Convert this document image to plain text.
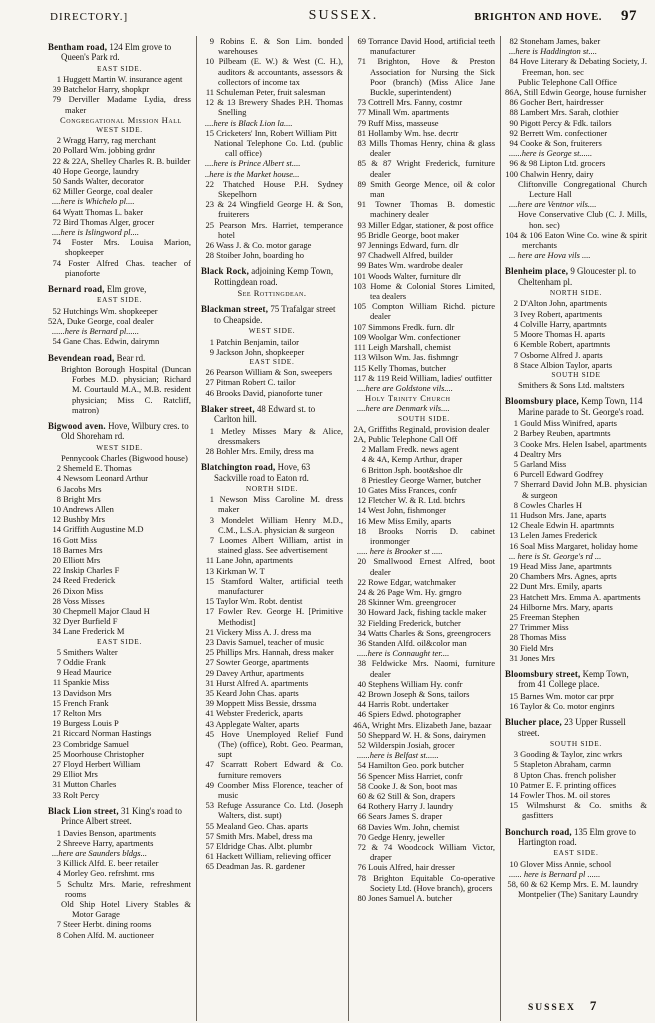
SUSSEX.
DIRECTORY.]	BRIGHTON AND HOVE. 97
Bentham road, 124 Elm grove to Queen's Park rd.
EAST SIDE.
1 Huggett Martin W. insurance agent
39 Batchelor Harry, shopkpr
79 Derviller Madame Lydia, dress maker
Congregational Mission Hall
WEST SIDE.
2 Wragg Harry, rag merchant
20 Pollard Wm. jobbing grdnr
22 & 22A, Shelley Charles R. B. builder
40 Hope George, laundry
50 Sands Walter, decorator
62 Miller George, coal dealer
....here is Whichelo pl....
64 Wyatt Thomas L. baker
72 Bird Thomas Alger, grocer
....here is Islingword pl....
74 Foster Mrs. Louisa Marion, shopkeeper
74 Foster Alfred Chas. teacher of pianoforte
Bernard road, Elm grove,
EAST SIDE.
52 Hutchings Wm. shopkeeper
52A, Duke George, coal dealer
......here is Bernard pl......
54 Gane Chas. Edwin, dairymn
Bevendean road, Bear rd.
Brighton Borough Hospital (Duncan Forbes M.D. physician; Richard M. Courtauld M.A., M.B. resident physician; Miss C. Ratcliff, matron)
Bigwood aven. Hove, Wilbury cres. to Old Shoreham rd.
WEST SIDE.
Pennycook Charles (Bigwood house)
2 Shemeld E. Thomas
4 Newsom Leonard Arthur
6 Jacobs Mrs
8 Bright Mrs
10 Andrews Allen
12 Bushby Mrs
14 Griffith Augustine M.D
16 Gott Miss
18 Barnes Mrs
20 Elliott Mrs
22 Inskip Charles F
24 Reed Frederick
26 Dixon Miss
28 Voss Misses
30 Chepmell Major Claud H
32 Dyer Burfield F
34 Lane Frederick M
EAST SIDE.
5 Smithers Walter
7 Oddie Frank
9 Head Maurice
11 Spankie Miss
13 Davidson Mrs
15 French Frank
17 Relton Mrs
19 Burgess Louis P
21 Riccard Norman Hastings
23 Combridge Samuel
25 Moorhouse Christopher
27 Floyd Herbert William
29 Elliot Mrs
31 Mutton Charles
33 Rolt Percy
Black Lion street, 31 King's road to Prince Albert street.
1 Davies Benson, apartments
2 Shreeve Harry, apartments
...here are Saunders bldgs...
3 Killick Alfd. E. beer retailer
4 Morley Geo. refrshmt. rms
5 Schultz Mrs. Marie, refreshment rooms
Old Ship Hotel Livery Stables & Motor Garage
7 Steer Herbt. dining rooms
8 Cohen Alfd. M. auctioneer
9 Robins E. & Son Lim. bonded warehouses
10 Pilbeam (E. W.) & West (C. H.), auditors & accountants, assessors & collectors of income tax
11 Schuleman Peter, fruit salesman
12 & 13 Brewery Shades P.H. Thomas Snelling
....here is Black Lion la....
15 Cricketers' Inn, Robert William Pitt
National Telephone Co. Ltd. (public call office)
....here is Prince Albert st....
..here is the Market house...
22 Thatched House P.H. Sydney Skepelhorn
23 & 24 Wingfield George H. & Son, fruiterers
25 Pearson Mrs. Harriet, temperance hotel
26 Wass J. & Co. motor garage
28 Stoiber John, boarding ho
Black Rock, adjoining Kemp Town, Rottingdean road.
See Rottingdean.
Blackman street, 75 Trafalgar street to Cheapside.
WEST SIDE.
1 Patchin Benjamin, tailor
9 Jackson John, shopkeeper
EAST SIDE.
26 Pearson William & Son, sweepers
27 Pitman Robert C. tailor
46 Brooks David, pianoforte tuner
Blaker street, 48 Edward st. to Carlton hill.
1 Metley Misses Mary & Alice, dressmakers
28 Bohler Mrs. Emily, dress ma
Blatchington road, Hove, 63 Sackville road to Eaton rd.
NORTH SIDE.
1 Newson Miss Caroline M. dress maker
3 Mondelet William Henry M.D., C.M., L.S.A. physician & surgeon
7 Loomes Albert William, artist in stained glass. See advertisement
11 Lane John, apartments
13 Kirkman W. T
15 Stamford Walter, artificial teeth manufacturer
15 Taylor Wm. Robt. dentist
17 Fowler Rev. George H. [Primitive Methodist]
21 Vickery Miss A. J. dress ma
23 Davis Samuel, teacher of music
25 Phillips Mrs. Hannah, dress maker
27 Sowter George, apartments
29 Davey Arthur, apartments
31 Hurst Alfred A. apartments
35 Keard John Chas. aparts
39 Moppett Miss Bessie, drssma
41 Webster Frederick, aparts
43 Applegate Walter, aparts
45 Hove Unemployed Relief Fund (The) (office), Robt. Geo. Pearman, supt
47 Scarratt Robert Edward & Co. furniture removers
49 Coomber Miss Florence, teacher of music
53 Refuge Assurance Co. Ltd. (Joseph Walters, dist. supt)
55 Mealand Geo. Chas. aparts
57 Smith Mrs. Mabel, dress ma
57 Eldridge Chas. Albt. plumbr
61 Hackett William, relieving officer
65 Deadman Jas. R. gardener
69 Torrance David Hood, artificial teeth manufacturer
71 Brighton, Hove & Preston Association for Nursing the Sick Poor (branch) (Miss Alice Jane Buckle, superintendent)
73 Cottrell Mrs. Fanny, costmr
77 Minall Wm. apartments
79 Ruff Miss, masseuse
81 Hollamby Wm. hse. decrtr
83 Mills Thomas Henry, china & glass dealer
85 & 87 Wright Frederick, furniture dealer
89 Smith George Mence, oil & color man
91 Towner Thomas B. domestic machinery dealer
93 Miller Edgar, stationer, & post office
95 Bridle George, boot maker
97 Jennings Edward, furn. dlr
97 Chadwell Alfred, builder
99 Bates Wm. wardrobe dealer
101 Woods Walter, furniture dlr
103 Home & Colonial Stores Limited, tea dealers
105 Compton William Richd. picture dealer
107 Simmons Fredk. furn. dlr
109 Woolgar Wm. confectioner
111 Leigh Marshall, chemist
113 Wilson Wm. Jas. fishmngr
115 Kelly Thomas, butcher
117 & 119 Reid William, ladies' outfitter
....here are Goldstone vils....
Holy Trinity Church
....here are Denmark vils....
SOUTH SIDE.
2A, Griffiths Reginald, provision dealer
2A, Public Telephone Call Off
2 Mallam Fredk. news agent
4 & 4A, Kemp Arthur, draper
6 Britton Jsph. boot&shoe dlr
8 Priestley George Warner, butcher
10 Gates Miss Frances, confr
12 Fletcher W. & R. Ltd. btchrs
14 West John, fishmonger
16 Mew Miss Emily, aparts
18 Brooks Norris D. cabinet ironmonger
..... here is Brooker st .....
20 Smallwood Ernest Alfred, boot dealer
22 Rowe Edgar, watchmaker
24 & 26 Page Wm. Hy. grngro
28 Skinner Wm. greengrocer
30 Howard Jack, fishing tackle maker
32 Fielding Frederick, butcher
34 Watts Charles & Sons, greengrocers
36 Standen Alfd. oil&color man
.....here is Connaught ter....
38 Feldwicke Mrs. Naomi, furniture dealer
40 Stephens William Hy. confr
42 Brown Joseph & Sons, tailors
44 Harris Robt. undertaker
46 Spiers Edwd. photographer
46A, Wright Mrs. Elizabeth Jane, bazaar
50 Sheppard W. H. & Sons, dairymen
52 Wilderspin Josiah, grocer
......here is Belfast st......
54 Hamilton Geo. pork butcher
56 Spencer Miss Harriet, confr
58 Cooke J. & Son, boot mas
60 & 62 Still & Son, drapers
64 Rothery Harry J. laundry
66 Sears James S. draper
68 Davies Wm. John, chemist
70 Gedge Henry, jeweller
72 & 74 Woodcock William Victor, draper
76 Louis Alfred, hair dresser
78 Brighton Equitable Co-operative Society Ltd. (Hove branch), grocers
80 Jones Samuel A. butcher
82 Stoneham James, baker
...here is Haddington st....
84 Hove Literary & Debating Society, J. Freeman, hon. sec
Public Telephone Call Office
86A, Still Edwin George, house furnisher
86 Gocher Bert, hairdresser
88 Lambert Mrs. Sarah, clothier
90 Pigott Percy & Fdk. tailors
92 Berrett Wm. confectioner
94 Cooke & Son, fruiterers
......here is George st......
96 & 98 Lipton Ltd. grocers
100 Chalwin Henry, dairy
Cliftonville Congregational Church Lecture Hall
....here are Ventnor vils....
Hove Conservative Club (C. J. Mills, hon. sec)
104 & 106 Eaton Wine Co. wine & spirit merchants
... here are Hova vils ....
Blenheim place, 9 Gloucester pl. to Cheltenham pl.
NORTH SIDE.
2 D'Alton John, apartments
3 Ivey Robert, apartments
4 Colville Harry, apartmnts
5 Moore Thomas H. aparts
6 Kemble Robert, apartmnts
7 Osborne Alfred J. aparts
8 Stace Albion Taylor, aparts
SOUTH SIDE
Smithers & Sons Ltd. maltsters
Bloomsbury place, Kemp Town, 114 Marine parade to St. George's road.
1 Gould Miss Winifred, aparts
2 Barbey Reuben, apartmnts
3 Cooke Mrs. Helen Isabel, apartments
4 Dealtry Mrs
5 Garland Miss
6 Purcell Edward Godfrey
7 Sherrard David John M.B. physician & surgeon
8 Cowles Charles H
11 Hudson Mrs. Jane, aparts
12 Cheale Edwin H. apartmnts
13 Lelen James Frederick
16 Soal Miss Margaret, holiday home
... here is St. George's rd ...
19 Head Miss Jane, apartmnts
20 Chambers Mrs. Agnes, aprts
22 Dunt Mrs. Emily, aparts
23 Hatchett Mrs. Emma A. apartments
24 Hilborne Mrs. Mary, aparts
25 Freeman Stephen
27 Trimmer Miss
28 Thomas Miss
30 Field Mrs
31 Jones Mrs
Bloomsbury street, Kemp Town, from 41 College place.
15 Barnes Wm. motor car prpr
16 Taylor & Co. motor enginrs
Blucher place, 23 Upper Russell street.
SOUTH SIDE.
3 Gooding & Taylor, zinc wrkrs
5 Stapleton Abraham, carmn
8 Upton Chas. french polisher
10 Patmer E. F. printing offices
14 Fowler Thos. M. oil stores
15 Wilmshurst & Co. smiths & gasfitters
Bonchurch road, 135 Elm grove to Hartington road.
EAST SIDE.
10 Glover Miss Annie, school
...... here is Bernard pl ......
58, 60 & 62 Kemp Mrs. E. M. laundry
Montpelier (The) Sanitary Laundry
SUSSEX 7
